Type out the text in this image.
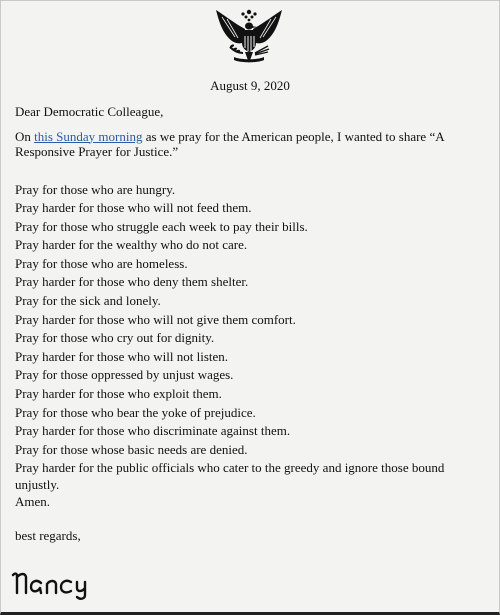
August 9, 2020

Dear Democratic Colleague,

On this Sunday morning as we pray for the American people, I wanted to share “A Responsive Prayer for Justice.”

Pray for those who are hungry.
Pray harder for those who will not feed them.
Pray for those who struggle each week to pay their bills.
Pray harder for the wealthy who do not care.
Pray for those who are homeless.
Pray harder for those who deny them shelter.
Pray for the sick and lonely.
Pray harder for those who will not give them comfort.
Pray for those who cry out for dignity.
Pray harder for those who will not listen.
Pray for those oppressed by unjust wages.
Pray harder for those who exploit them.
Pray for those who bear the yoke of prejudice.
Pray harder for those who discriminate against them.
Pray for those whose basic needs are denied.
Pray harder for the public officials who cater to the greedy and ignore those bound unjustly.

Amen.

best regards,
